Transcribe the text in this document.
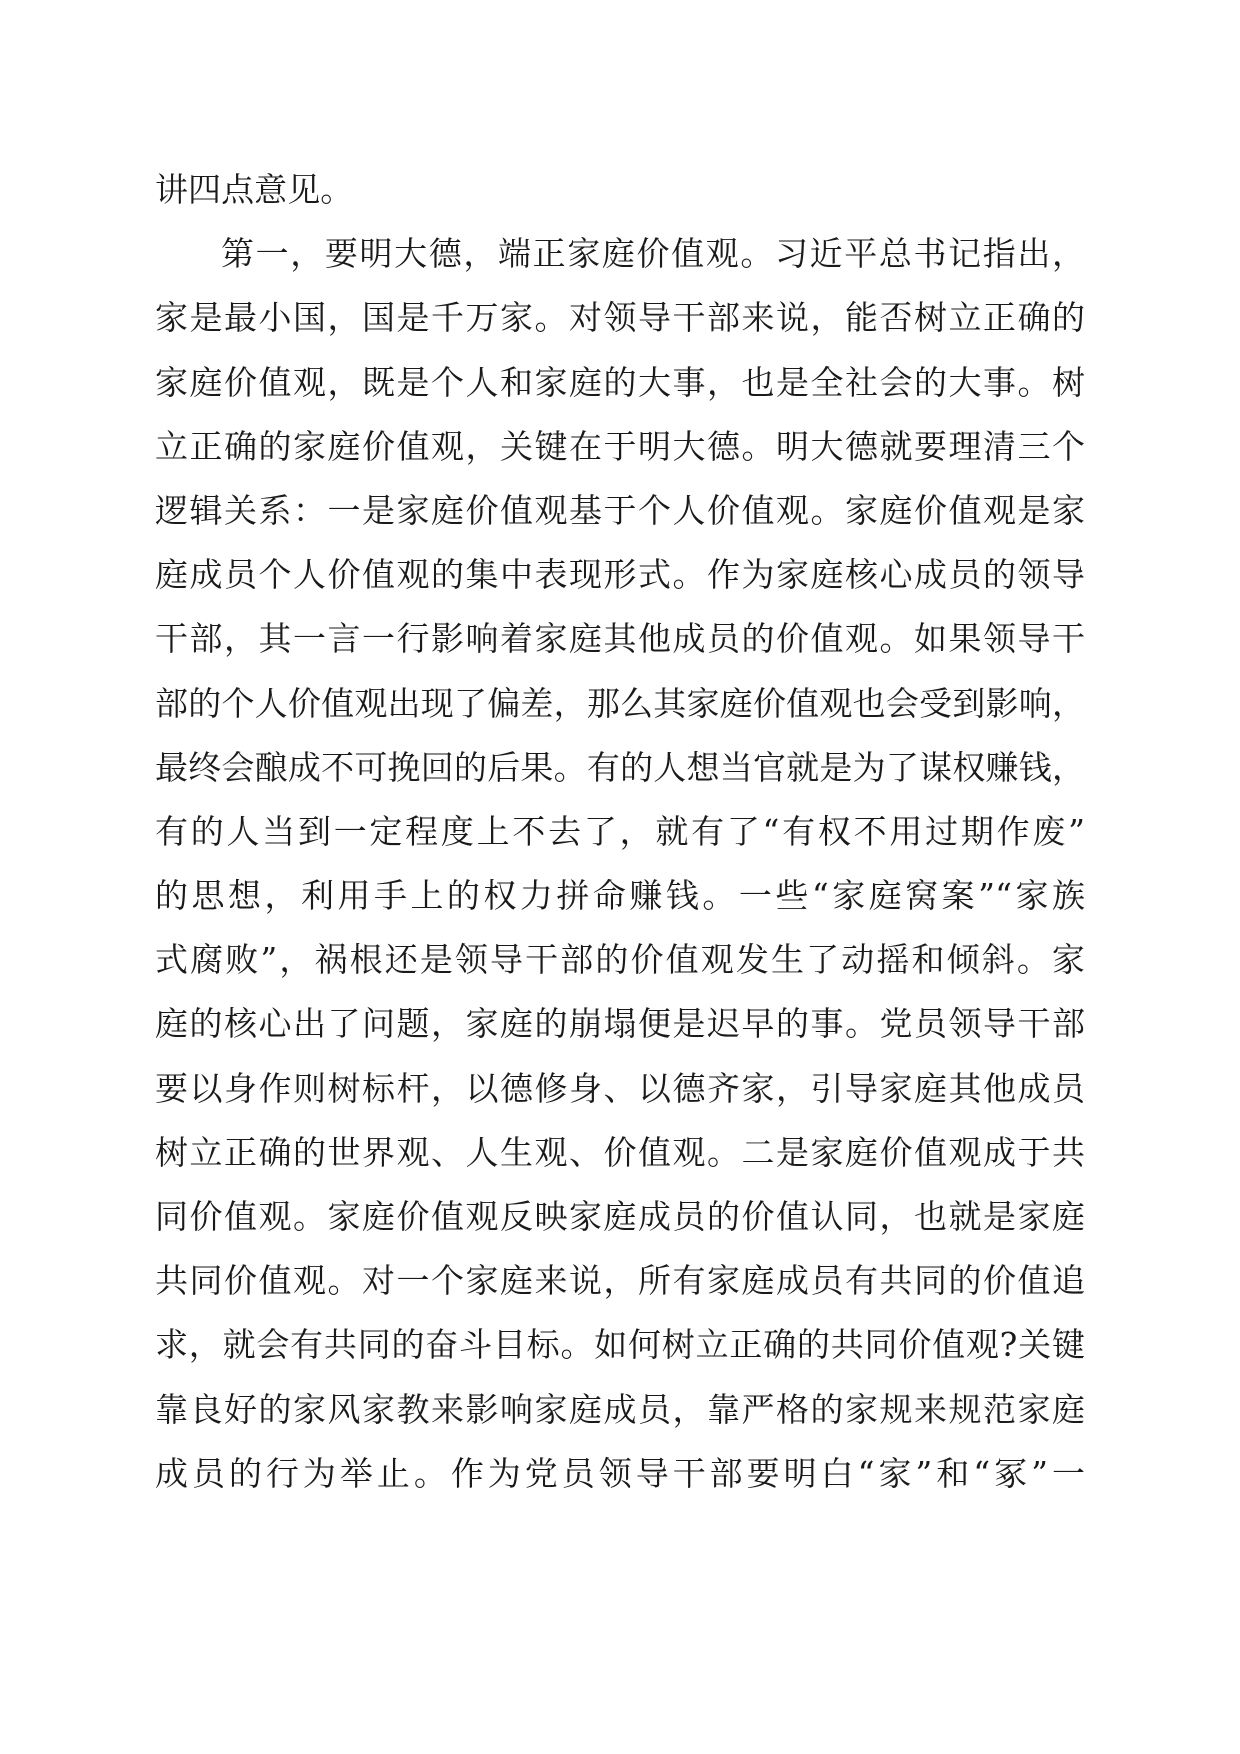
讲四点意见。
第一，要明大德，端正家庭价值观。习近平总书记指出，
家是最小国，国是千万家。对领导干部来说，能否树立正确的
家庭价值观，既是个人和家庭的大事，也是全社会的大事。树
立正确的家庭价值观，关键在于明大德。明大德就要理清三个
逻辑关系：一是家庭价值观基于个人价值观。家庭价值观是家
庭成员个人价值观的集中表现形式。作为家庭核心成员的领导
干部，其一言一行影响着家庭其他成员的价值观。如果领导干
部的个人价值观出现了偏差，那么其家庭价值观也会受到影响，
最终会酿成不可挽回的后果。有的人想当官就是为了谋权赚钱，
有的人当到一定程度上不去了，就有了“有权不用过期作废”
的思想，利用手上的权力拼命赚钱。一些“家庭窝案”“家族
式腐败”，祸根还是领导干部的价值观发生了动摇和倾斜。家
庭的核心出了问题，家庭的崩塌便是迟早的事。党员领导干部
要以身作则树标杆，以德修身、以德齐家，引导家庭其他成员
树立正确的世界观、人生观、价值观。二是家庭价值观成于共
同价值观。家庭价值观反映家庭成员的价值认同，也就是家庭
共同价值观。对一个家庭来说，所有家庭成员有共同的价值追
求，就会有共同的奋斗目标。如何树立正确的共同价值观?关键
靠良好的家风家教来影响家庭成员，靠严格的家规来规范家庭
成员的行为举止。作为党员领导干部要明白“家”和“冢”一
